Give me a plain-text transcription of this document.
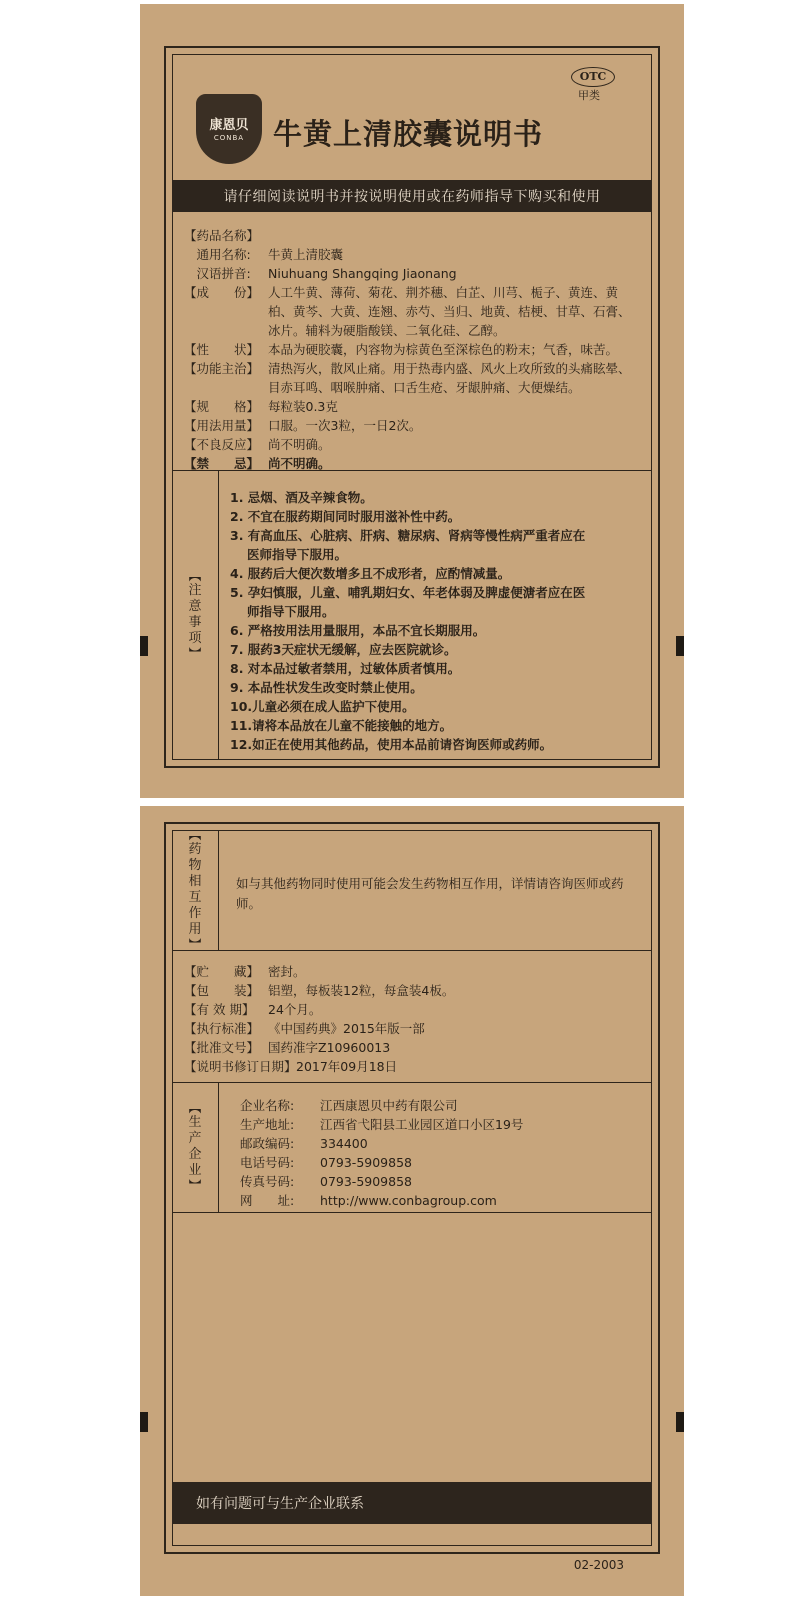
康恩贝
CONBA 牛黄上清胶囊说明书
OTC
甲类
请仔细阅读说明书并按说明使用或在药师指导下购买和使用
【药品名称】
　通用名称:	牛黄上清胶囊
　汉语拼音:	Niuhuang Shangqing Jiaonang
【成　　份】 人工牛黄、薄荷、菊花、荆芥穗、白芷、川芎、栀子、黄连、黄柏、黄芩、大黄、连翘、赤芍、当归、地黄、桔梗、甘草、石膏、冰片。辅料为硬脂酸镁、二氧化硅、乙醇。
【性　　状】 本品为硬胶囊，内容物为棕黄色至深棕色的粉末；气香，味苦。
【功能主治】 清热泻火，散风止痛。用于热毒内盛、风火上攻所致的头痛眩晕、目赤耳鸣、咽喉肿痛、口舌生疮、牙龈肿痛、大便燥结。
【规　　格】 每粒装0.3克
【用法用量】 口服。一次3粒，一日2次。
【不良反应】 尚不明确。
【禁　　忌】 尚不明确。
︻
注
意
事
项
︼
1. 忌烟、酒及辛辣食物。
2. 不宜在服药期间同时服用滋补性中药。
3. 有高血压、心脏病、肝病、糖尿病、肾病等慢性病严重者应在
医师指导下服用。
4. 服药后大便次数增多且不成形者，应酌情减量。
5. 孕妇慎服，儿童、哺乳期妇女、年老体弱及脾虚便溏者应在医
师指导下服用。
6. 严格按用法用量服用，本品不宜长期服用。
7. 服药3天症状无缓解，应去医院就诊。
8. 对本品过敏者禁用，过敏体质者慎用。
9. 本品性状发生改变时禁止使用。
10.儿童必须在成人监护下使用。
11.请将本品放在儿童不能接触的地方。
12.如正在使用其他药品，使用本品前请咨询医师或药师。
︻
药
物
相
互
作
用
︼
如与其他药物同时使用可能会发生药物相互作用，详情请咨询医师或药师。
【贮　　藏】 密封。
【包　　装】 铝塑，每板装12粒，每盒装4板。
【有 效 期】	24个月。
【执行标准】 《中国药典》2015年版一部
【批准文号】 国药准字Z10960013
【说明书修订日期】 2017年09月18日
︻
生
产
企
业
︼
企业名称:	江西康恩贝中药有限公司
生产地址:	江西省弋阳县工业园区道口小区19号
邮政编码:	334400
电话号码:	0793-5909858
传真号码:	0793-5909858
网　　址:	http://www.conbagroup.com
如有问题可与生产企业联系
02-2003
